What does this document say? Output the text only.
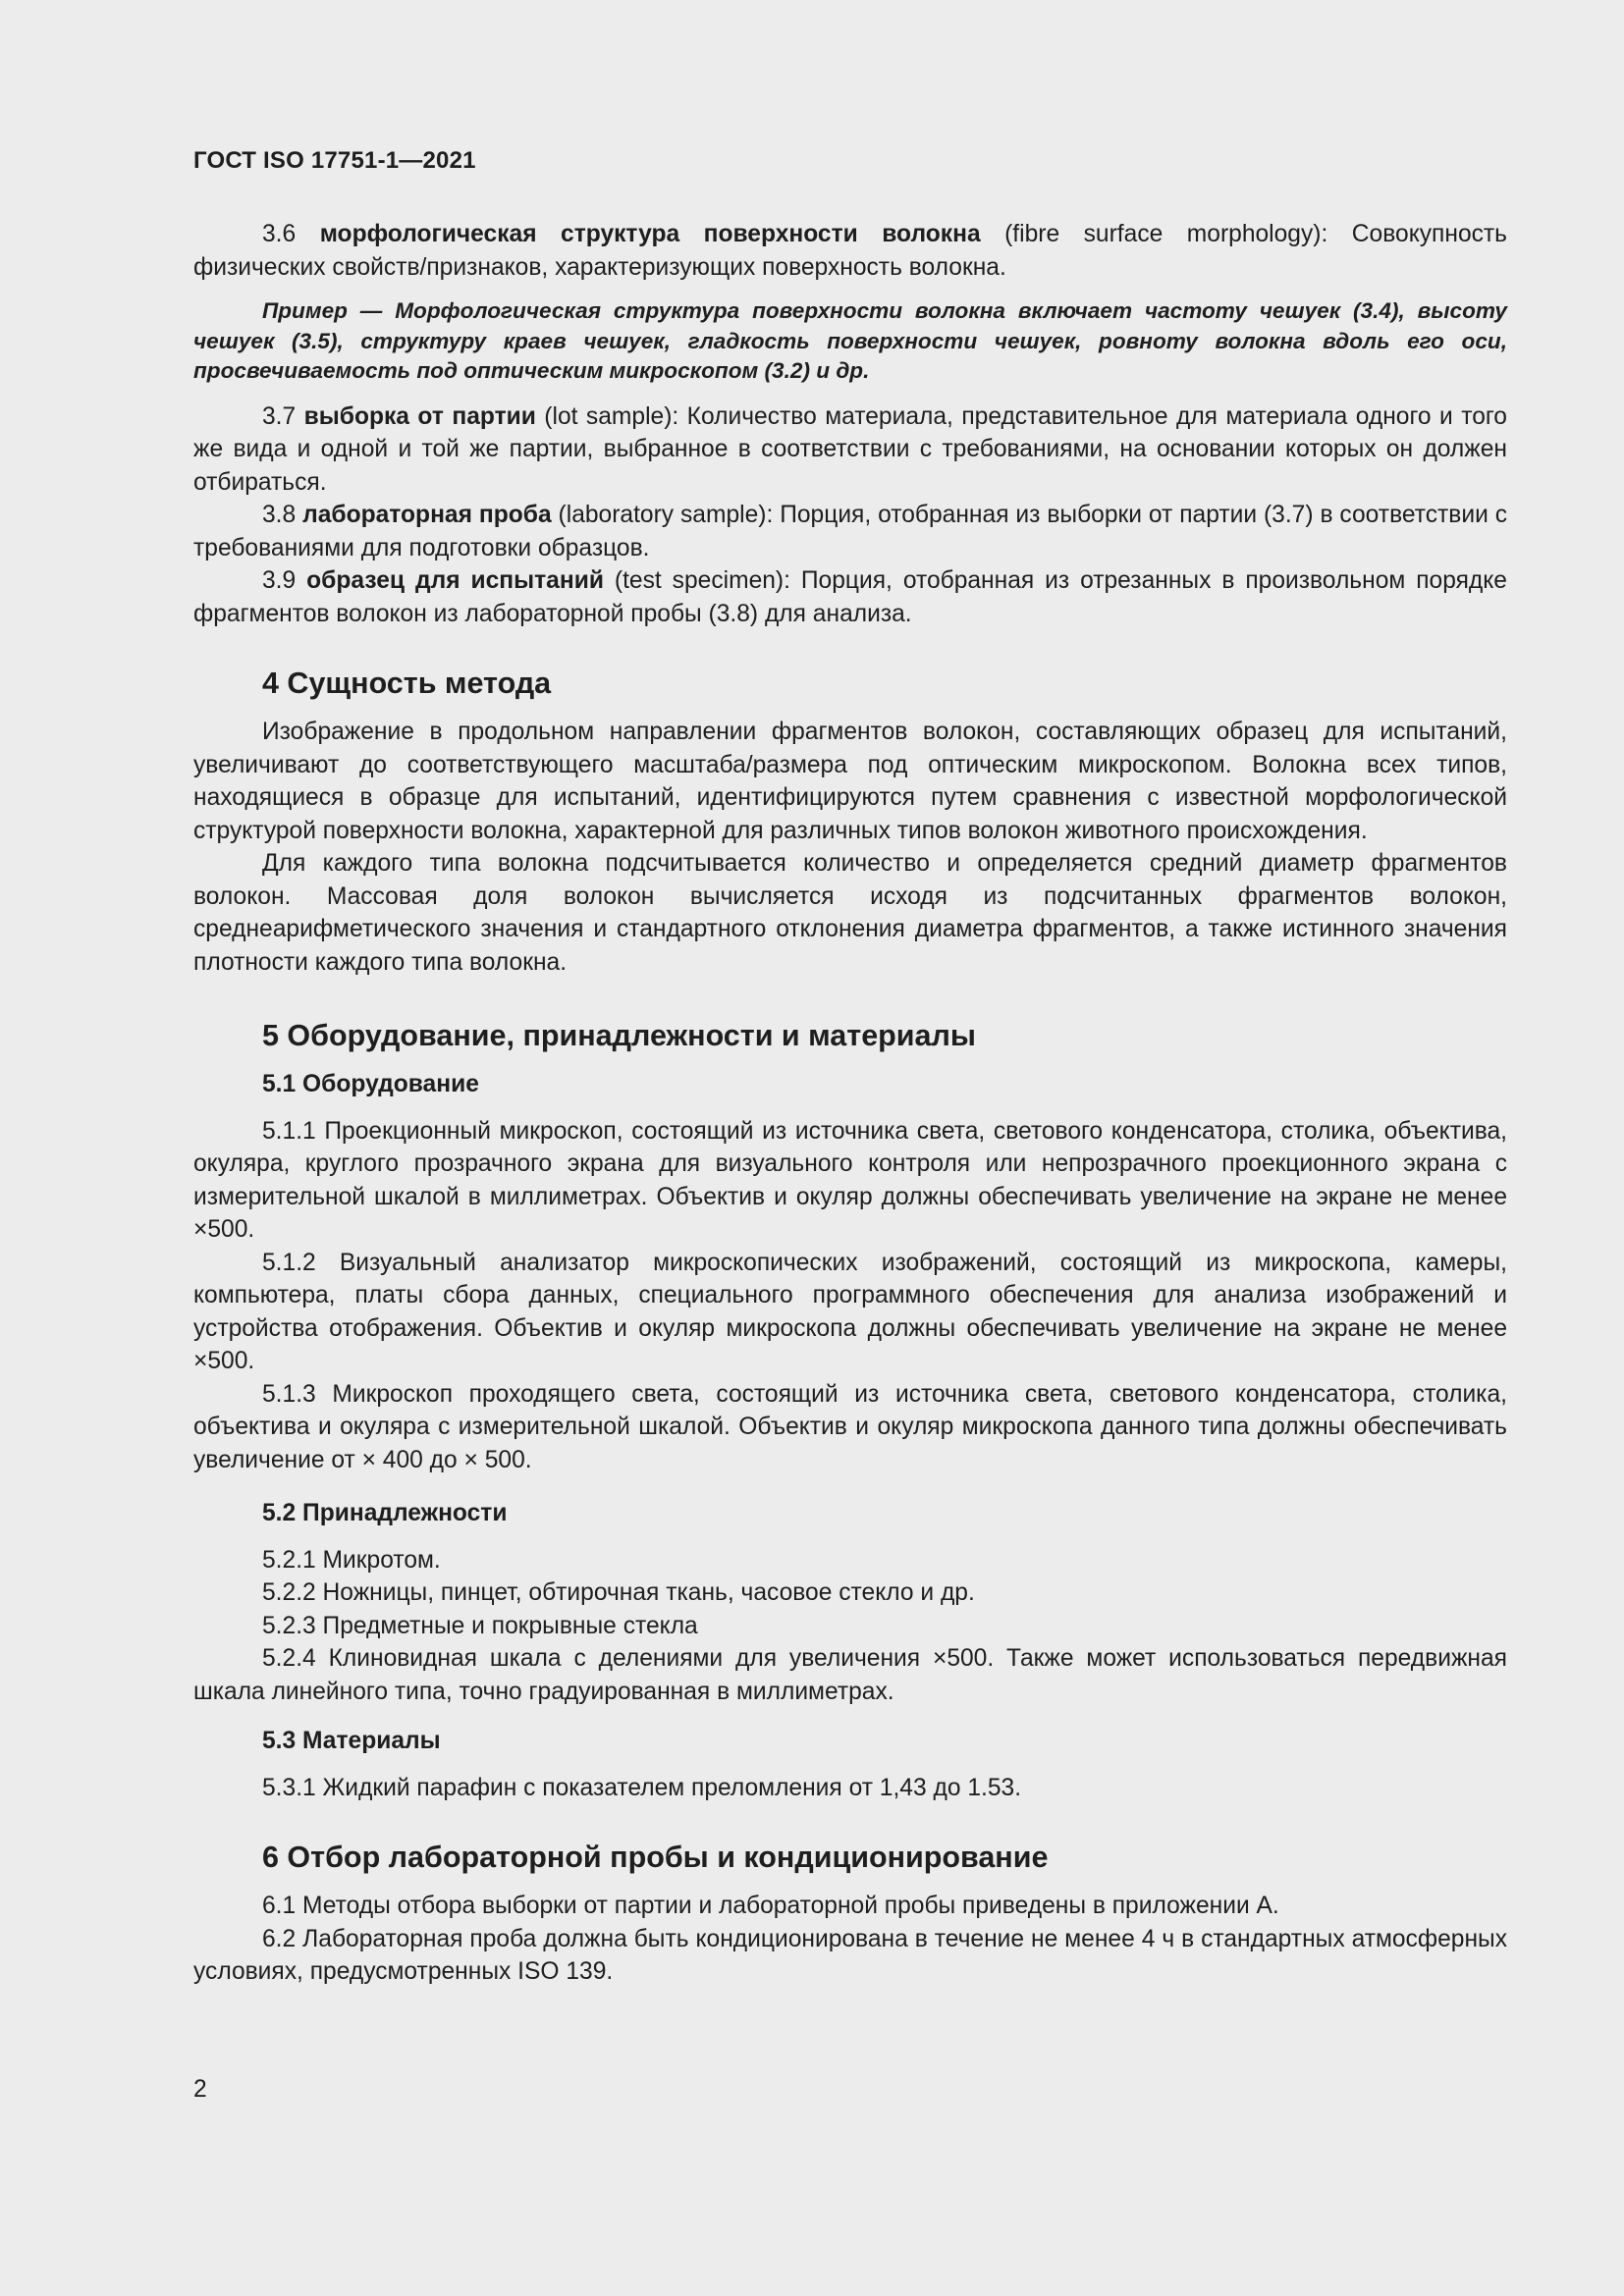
ГОСТ ISO 17751-1—2021

3.6 морфологическая структура поверхности волокна (fibre surface morphology): Совокупность физических свойств/признаков, характеризующих поверхность волокна.

Пример — Морфологическая структура поверхности волокна включает частоту чешуек (3.4), высоту чешуек (3.5), структуру краев чешуек, гладкость поверхности чешуек, ровноту волокна вдоль его оси, просвечиваемость под оптическим микроскопом (3.2) и др.

3.7 выборка от партии (lot sample): Количество материала, представительное для материала одного и того же вида и одной и той же партии, выбранное в соответствии с требованиями, на основании которых он должен отбираться.

3.8 лабораторная проба (laboratory sample): Порция, отобранная из выборки от партии (3.7) в соответствии с требованиями для подготовки образцов.

3.9 образец для испытаний (test specimen): Порция, отобранная из отрезанных в произвольном порядке фрагментов волокон из лабораторной пробы (3.8) для анализа.

4 Сущность метода

Изображение в продольном направлении фрагментов волокон, составляющих образец для испытаний, увеличивают до соответствующего масштаба/размера под оптическим микроскопом. Волокна всех типов, находящиеся в образце для испытаний, идентифицируются путем сравнения с известной морфологической структурой поверхности волокна, характерной для различных типов волокон животного происхождения.

Для каждого типа волокна подсчитывается количество и определяется средний диаметр фрагментов волокон. Массовая доля волокон вычисляется исходя из подсчитанных фрагментов волокон, среднеарифметического значения и стандартного отклонения диаметра фрагментов, а также истинного значения плотности каждого типа волокна.

5 Оборудование, принадлежности и материалы
5.1 Оборудование

5.1.1 Проекционный микроскоп, состоящий из источника света, светового конденсатора, столика, объектива, окуляра, круглого прозрачного экрана для визуального контроля или непрозрачного проекционного экрана с измерительной шкалой в миллиметрах. Объектив и окуляр должны обеспечивать увеличение на экране не менее ×500.

5.1.2 Визуальный анализатор микроскопических изображений, состоящий из микроскопа, камеры, компьютера, платы сбора данных, специального программного обеспечения для анализа изображений и устройства отображения. Объектив и окуляр микроскопа должны обеспечивать увеличение на экране не менее ×500.

5.1.3 Микроскоп проходящего света, состоящий из источника света, светового конденсатора, столика, объектива и окуляра с измерительной шкалой. Объектив и окуляр микроскопа данного типа должны обеспечивать увеличение от × 400 до × 500.

5.2 Принадлежности

5.2.1 Микротом.

5.2.2 Ножницы, пинцет, обтирочная ткань, часовое стекло и др.

5.2.3 Предметные и покрывные стекла

5.2.4 Клиновидная шкала с делениями для увеличения ×500. Также может использоваться передвижная шкала линейного типа, точно градуированная в миллиметрах.

5.3 Материалы

5.3.1 Жидкий парафин с показателем преломления от 1,43 до 1.53.

6 Отбор лабораторной пробы и кондиционирование

6.1 Методы отбора выборки от партии и лабораторной пробы приведены в приложении А.

6.2 Лабораторная проба должна быть кондиционирована в течение не менее 4 ч в стандартных атмосферных условиях, предусмотренных ISO 139.

2
